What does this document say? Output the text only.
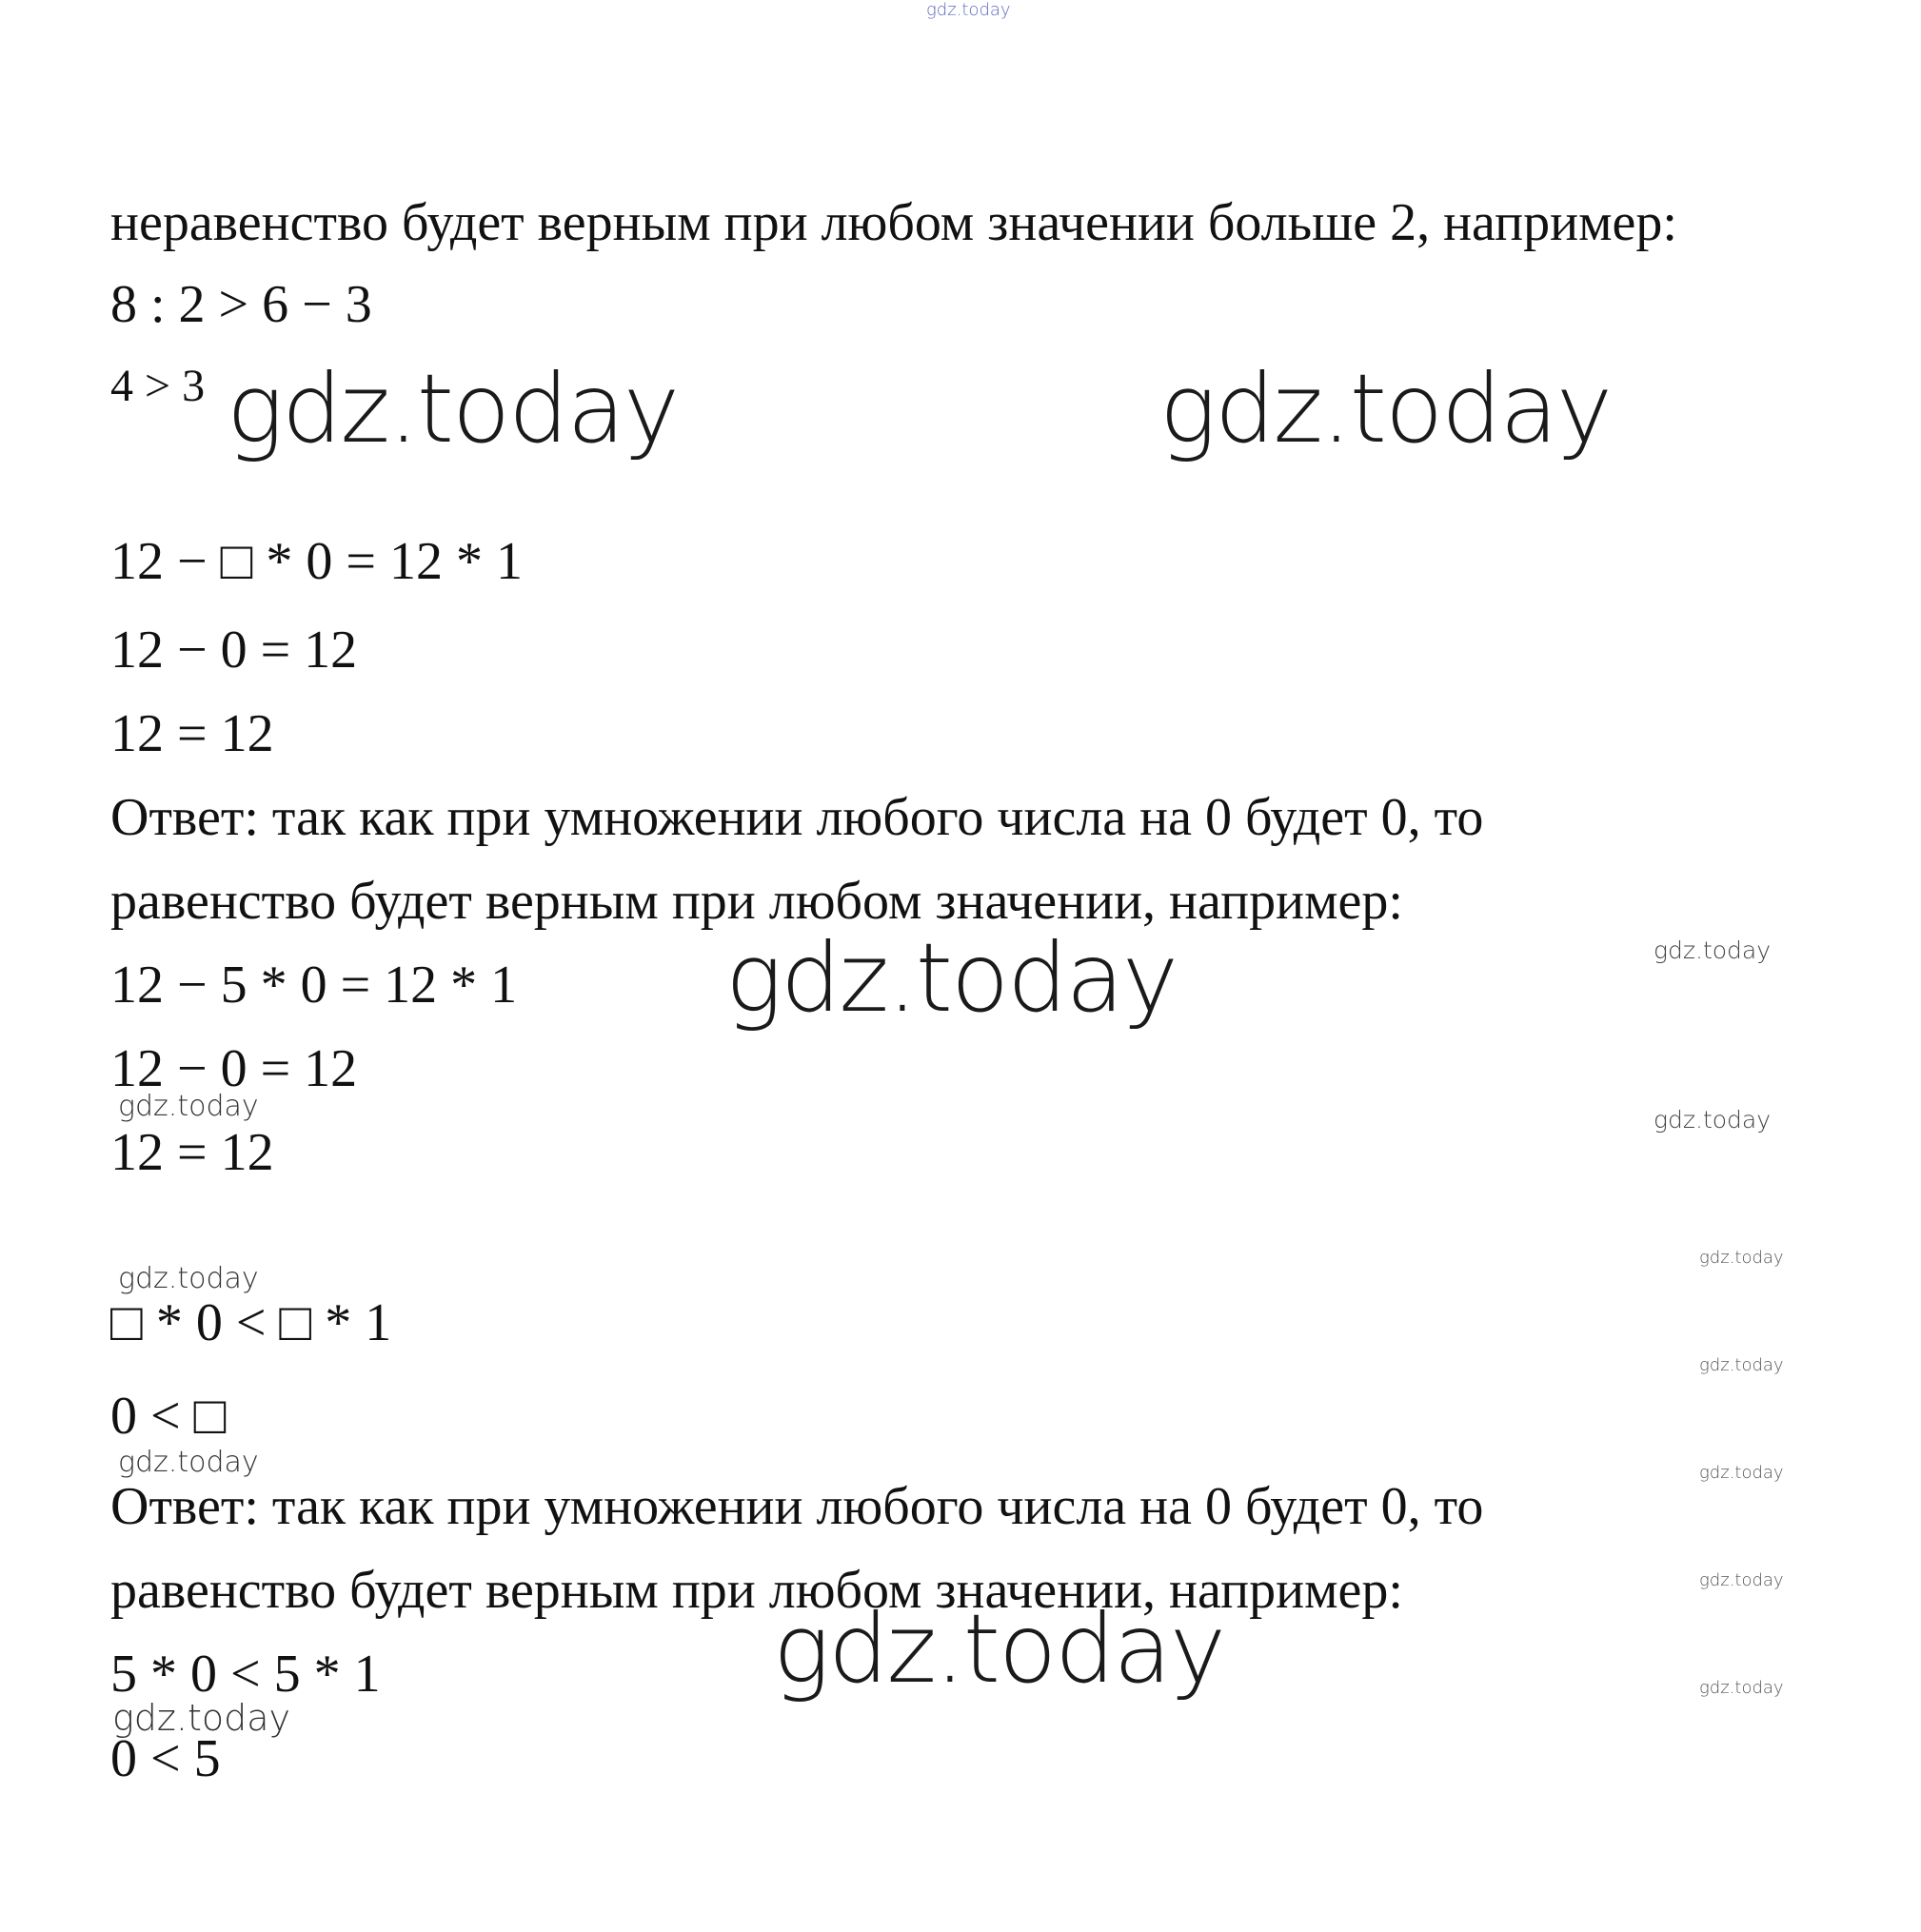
gdz.today
неравенство будет верным при любом значении больше 2, например:
8 : 2 > 6 − 3
4 > 3 gdz.today	gdz.today
12 − □ * 0 = 12 * 1
12 − 0 = 12
12 = 12
Ответ: так как при умножении любого числа на 0 будет 0, то
равенство будет верным при любом значении, например:
12 − 5 * 0 = 12 * 1
12 − 0 = 12
12 = 12
gdz.today
gdz.today
gdz.today	gdz.today
gdz.today
□ * 0 < □ * 1
0 < □
gdz.today
Ответ: так как при умножении любого числа на 0 будет 0, то
равенство будет верным при любом значении, например:
5 * 0 < 5 * 1
gdz.today
0 < 5
gdz.today
gdz.today
gdz.today
gdz.today
gdz.today
gdz.today
